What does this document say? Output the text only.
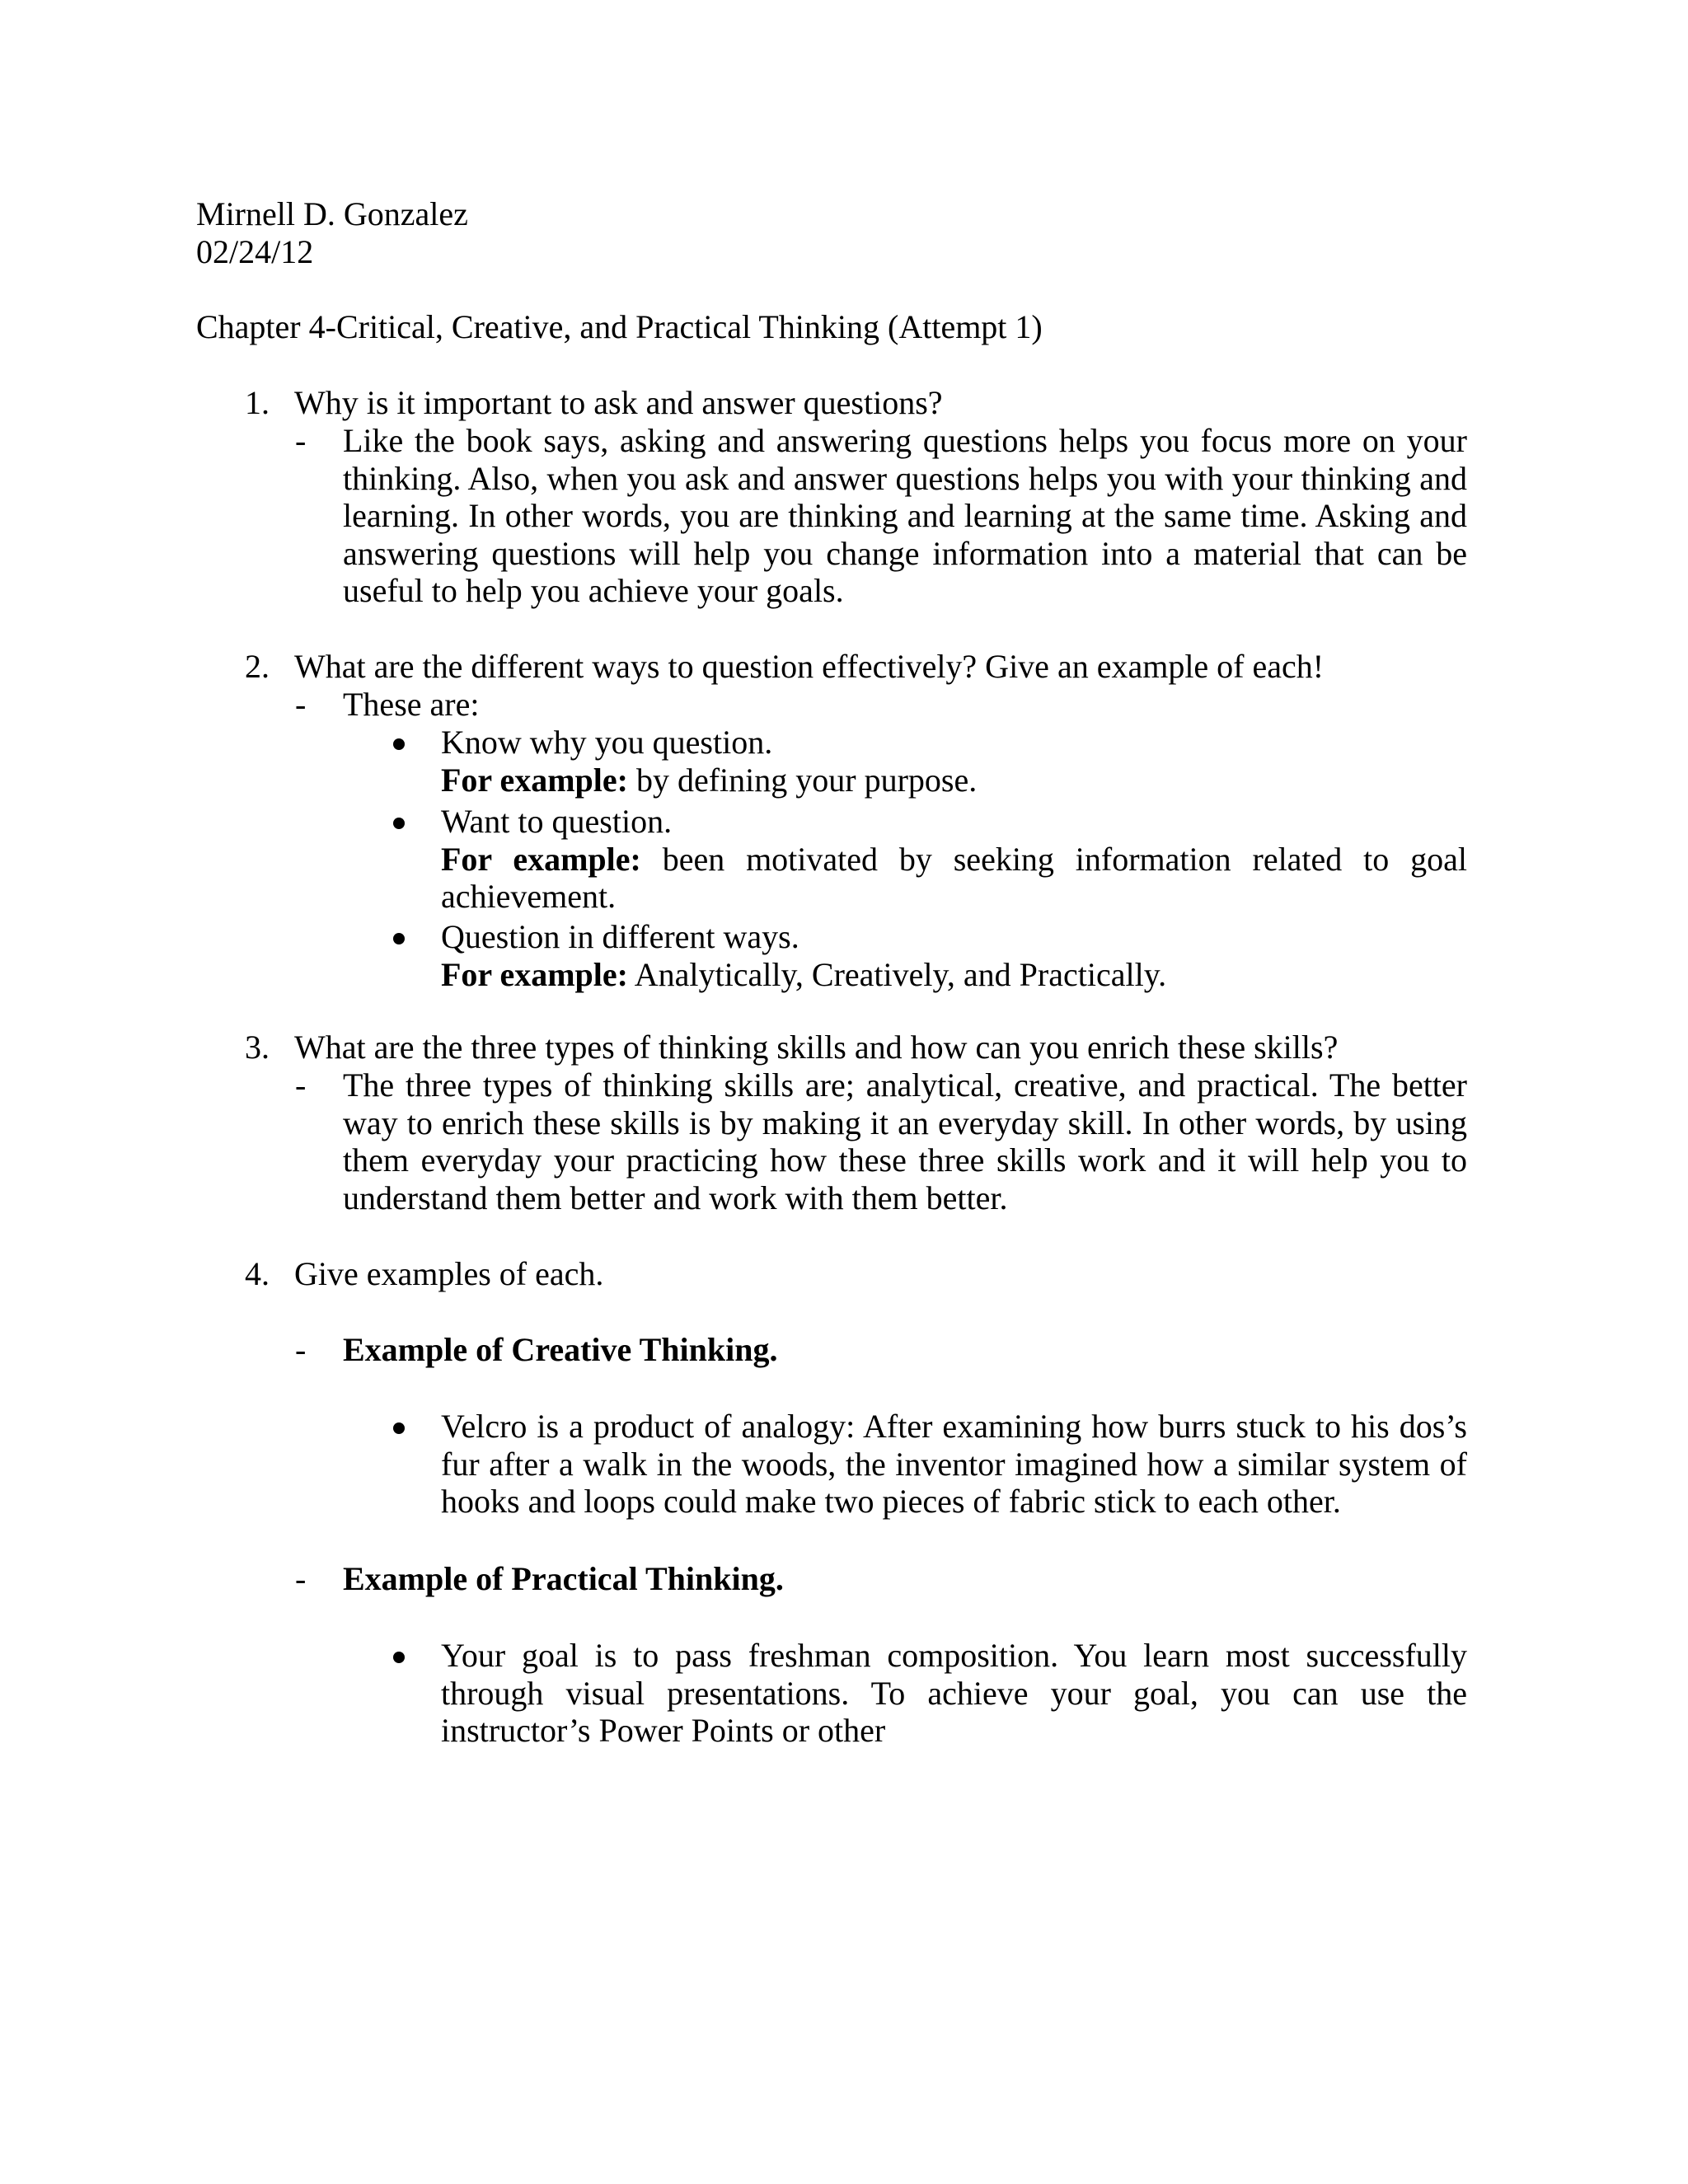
Mirnell D. Gonzalez
02/24/12
Chapter 4-Critical, Creative, and Practical Thinking (Attempt 1)
1. Why is it important to ask and answer questions?
- Like the book says, asking and answering questions helps you focus more on your thinking. Also, when you ask and answer questions helps you with your thinking and learning. In other words, you are thinking and learning at the same time. Asking and answering questions will help you change information into a material that can be useful to help you achieve your goals.
2. What are the different ways to question effectively? Give an example of each!
- These are:
Know why you question.
For example: by defining your purpose.
Want to question.
For example: been motivated by seeking information related to goal achievement.
Question in different ways.
For example: Analytically, Creatively, and Practically.
3. What are the three types of thinking skills and how can you enrich these skills?
- The three types of thinking skills are; analytical, creative, and practical. The better way to enrich these skills is by making it an everyday skill. In other words, by using them everyday your practicing how these three skills work and it will help you to understand them better and work with them better.
4. Give examples of each.
- Example of Creative Thinking.
Velcro is a product of analogy: After examining how burrs stuck to his dos’s fur after a walk in the woods, the inventor imagined how a similar system of hooks and loops could make two pieces of fabric stick to each other.
- Example of Practical Thinking.
Your goal is to pass freshman composition. You learn most successfully through visual presentations. To achieve your goal, you can use the instructor’s Power Points or other
